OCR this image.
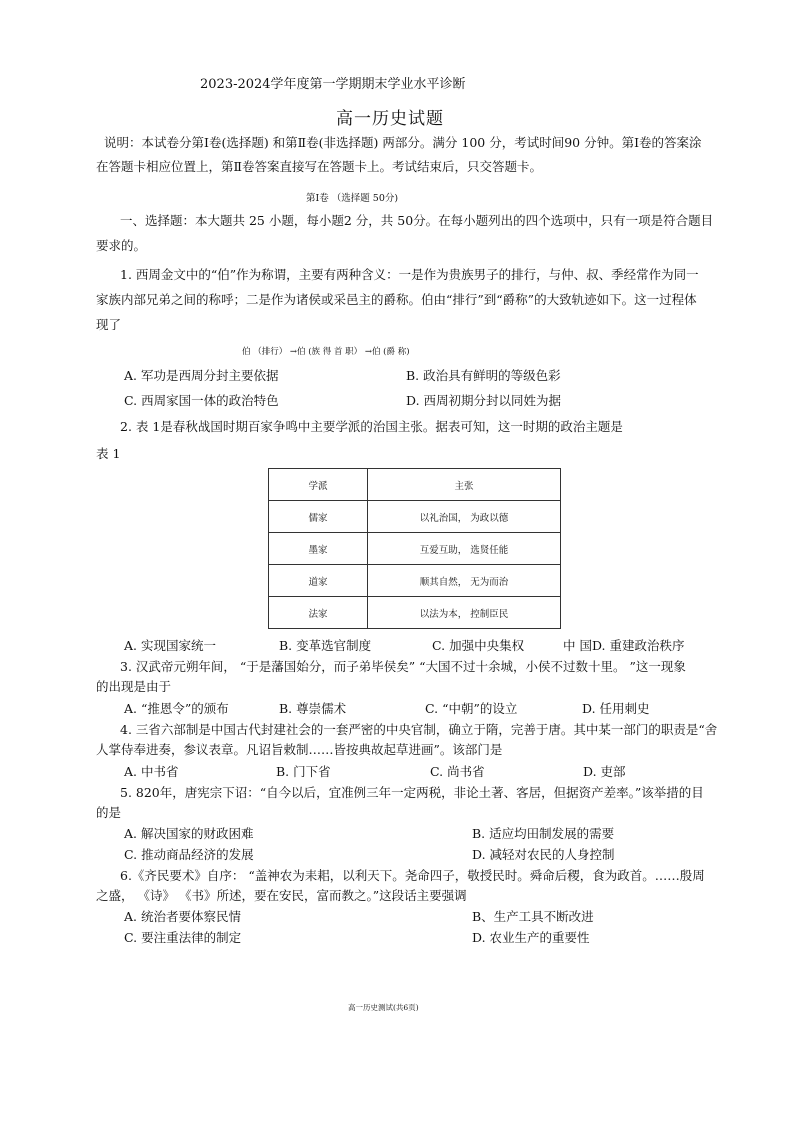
2023-2024学年度第一学期期末学业水平诊断
高一历史试题
说明：本试卷分第Ⅰ卷(选择题) 和第Ⅱ卷(非选择题) 两部分。满分 100 分，考试时间90 分钟。第Ⅰ卷的答案涂
在答题卡相应位置上，第Ⅱ卷答案直接写在答题卡上。考试结束后，只交答题卡。
第Ⅰ卷 （选择题 50分)
一、选择题：本大题共 25 小题，每小题2 分，共 50分。在每小题列出的四个选项中，只有一项是符合题目
要求的。
1. 西周金文中的“伯”作为称谓，主要有两种含义：一是作为贵族男子的排行，与仲、叔、季经常作为同一
家族内部兄弟之间的称呼；二是作为诸侯或采邑主的爵称。伯由“排行”到“爵称”的大致轨迹如下。这一过程体
现了
伯 （排行） →伯 (族 得 首 职） →伯 (爵 称)
A. 军功是西周分封主要依据	B. 政治具有鲜明的等级色彩
C. 西周家国一体的政治特色	D. 西周初期分封以同姓为据
2. 表 1是春秋战国时期百家争鸣中主要学派的治国主张。据表可知，这一时期的政治主题是
表 1
学派	主张
儒家	以礼治国， 为政以德
墨家	互爱互助， 选贤任能
道家	顺其自然， 无为而治
法家	以法为本， 控制臣民
A. 实现国家统一	B. 变革选官制度	C. 加强中央集权	中 国D. 重建政治秩序
3. 汉武帝元朔年间， “于是藩国始分，而子弟毕侯矣” “大国不过十余城，小侯不过数十里。 ”这一现象
的出现是由于
A. “推恩令”的颁布	B. 尊崇儒术	C. “中朝”的设立	D. 任用刺史
4. 三省六部制是中国古代封建社会的一套严密的中央官制，确立于隋，完善于唐。其中某一部门的职责是“舍
人掌侍奉进奏，参议表章。凡诏旨敕制……皆按典故起草进画”。该部门是
A. 中书省	B. 门下省	C. 尚书省	D. 吏部
5. 820年，唐宪宗下诏：“自今以后，宜准例三年一定两税，非论土著、客居，但据资产差率。”该举措的目
的是
A. 解决国家的财政困难	B. 适应均田制发展的需要
C. 推动商品经济的发展	D. 减轻对农民的人身控制
6.《齐民要术》自序： “盖神农为耒耜，以利天下。尧命四子，敬授民时。舜命后稷，食为政首。……殷周
之盛， 《诗》 《书》所述，要在安民，富而教之。”这段话主要强调
A. 统治者要体察民情	B、生产工具不断改进
C. 要注重法律的制定	D. 农业生产的重要性
高一历史测试(共6页)
